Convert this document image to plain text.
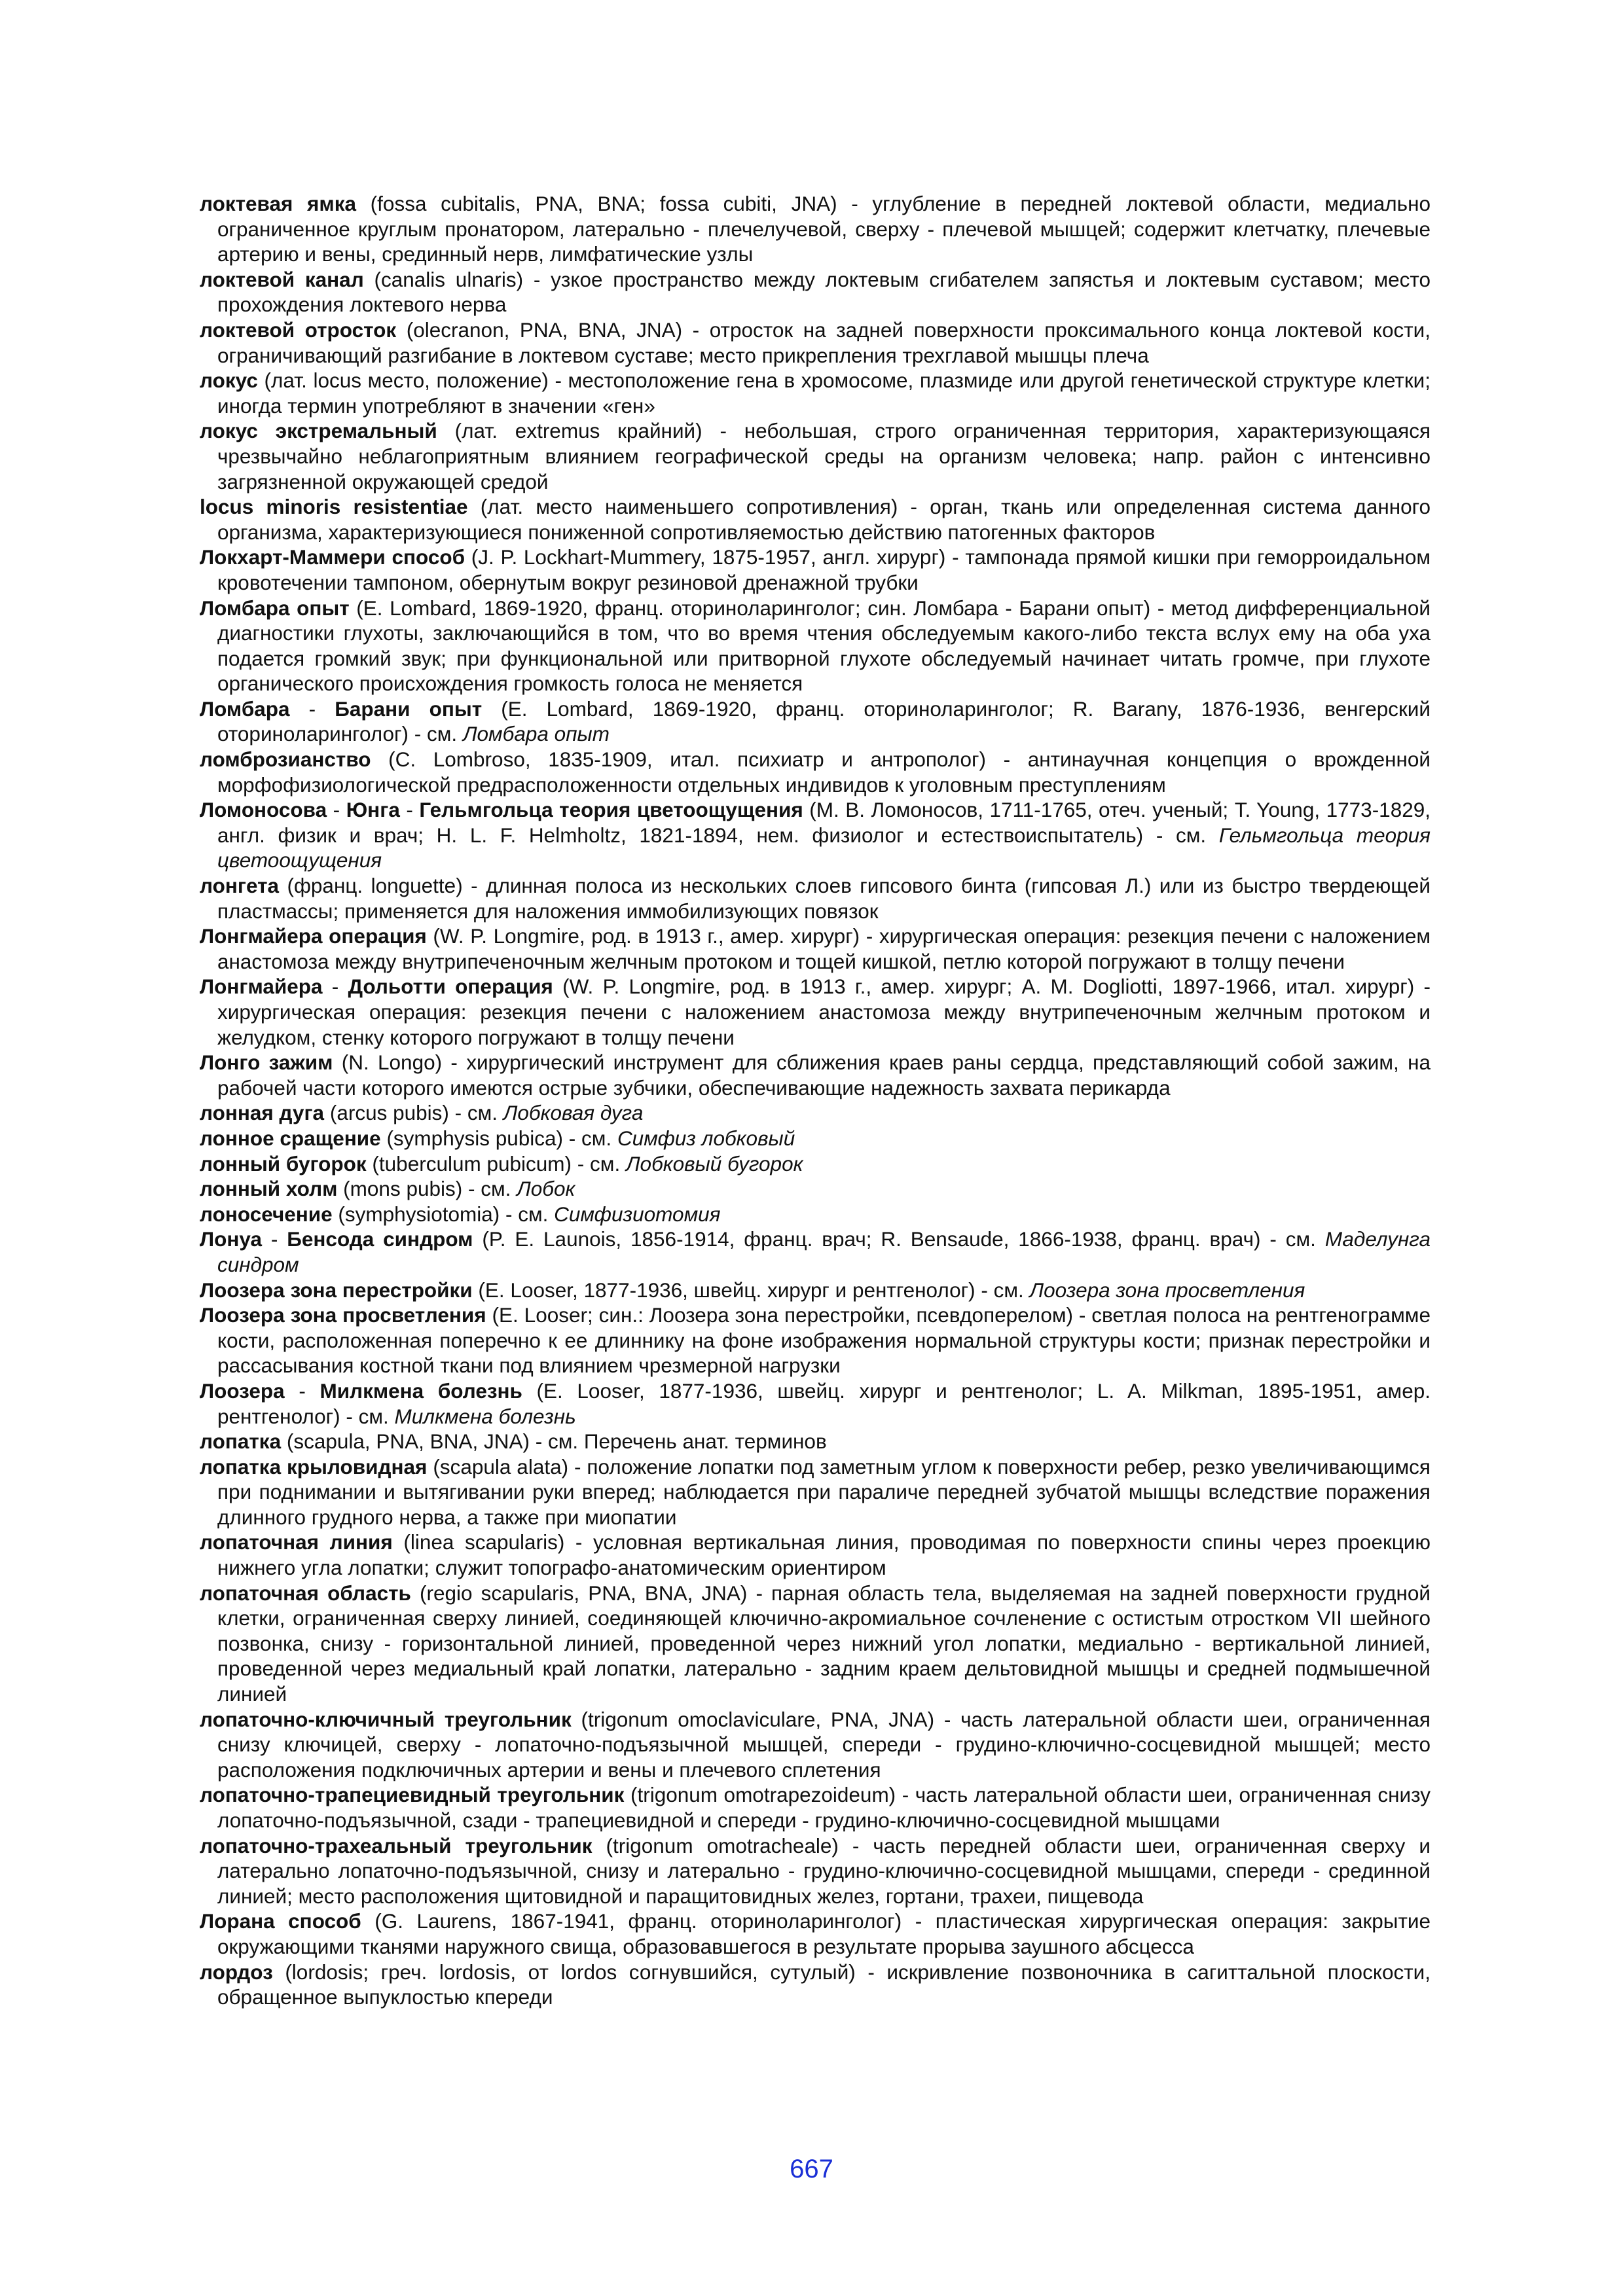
локтевая ямка (fossa cubitalis, PNA, BNA; fossa cubiti, JNA) - углубление в передней локтевой области, медиально ограниченное круглым пронатором, латерально - плечелучевой, сверху - плечевой мышцей; содержит клетчатку, плечевые артерию и вены, срединный нерв, лимфатические узлы

локтевой канал (canalis ulnaris) - узкое пространство между локтевым сгибателем запястья и локтевым суставом; место прохождения локтевого нерва

локтевой отросток (olecranon, PNA, BNA, JNA) - отросток на задней поверхности проксимального конца локтевой кости, ограничивающий разгибание в локтевом суставе; место прикрепления трехглавой мышцы плеча

локус (лат. locus место, положение) - местоположение гена в хромосоме, плазмиде или другой генетической структуре клетки; иногда термин употребляют в значении «ген»

локус экстремальный (лат. extremus крайний) - небольшая, строго ограниченная территория, характеризующаяся чрезвычайно неблагоприятным влиянием географической среды на организм человека; напр. район с интенсивно загрязненной окружающей средой

locus minoris resistentiae (лат. место наименьшего сопротивления) - орган, ткань или определенная система данного организма, характеризующиеся пониженной сопротивляемостью действию патогенных факторов

Локхарт-Маммери способ (J. P. Lockhart-Mummery, 1875-1957, англ. хирург) - тампонада прямой кишки при геморроидальном кровотечении тампоном, обернутым вокруг резиновой дренажной трубки

Ломбара опыт (E. Lombard, 1869-1920, франц. оториноларинголог; син. Ломбара - Барани опыт) - метод дифференциальной диагностики глухоты, заключающийся в том, что во время чтения обследуемым какого-либо текста вслух ему на оба уха подается громкий звук; при функциональной или притворной глухоте обследуемый начинает читать громче, при глухоте органического происхождения громкость голоса не меняется

Ломбара - Барани опыт (E. Lombard, 1869-1920, франц. оториноларинголог; R. Barany, 1876-1936, венгерский оториноларинголог) - см. Ломбара опыт

ломброзианство (C. Lombroso, 1835-1909, итал. психиатр и антрополог) - антинаучная концепция о врожденной морфофизиологической предрасположенности отдельных индивидов к уголовным преступлениям

Ломоносова - Юнга - Гельмгольца теория цветоощущения (М. В. Ломоносов, 1711-1765, отеч. ученый; T. Young, 1773-1829, англ. физик и врач; H. L. F. Helmholtz, 1821-1894, нем. физиолог и естествоиспытатель) - см. Гельмгольца теория цветоощущения

лонгета (франц. longuette) - длинная полоса из нескольких слоев гипсового бинта (гипсовая Л.) или из быстро твердеющей пластмассы; применяется для наложения иммобилизующих повязок

Лонгмайера операция (W. P. Longmire, род. в 1913 г., амер. хирург) - хирургическая операция: резекция печени с наложением анастомоза между внутрипеченочным желчным протоком и тощей кишкой, петлю которой погружают в толщу печени

Лонгмайера - Дольотти операция (W. P. Longmire, род. в 1913 г., амер. хирург; A. M. Dogliotti, 1897-1966, итал. хирург) - хирургическая операция: резекция печени с наложением анастомоза между внутрипеченочным желчным протоком и желудком, стенку которого погружают в толщу печени

Лонго зажим (N. Longo) - хирургический инструмент для сближения краев раны сердца, представляющий собой зажим, на рабочей части которого имеются острые зубчики, обеспечивающие надежность захвата перикарда

лонная дуга (arcus pubis) - см. Лобковая дуга

лонное сращение (symphysis pubica) - см. Симфиз лобковый

лонный бугорок (tuberculum pubicum) - см. Лобковый бугорок

лонный холм (mons pubis) - см. Лобок

лоносечение (symphysiotomia) - см. Симфизиотомия

Лонуа - Бенсода синдром (P. E. Launois, 1856-1914, франц. врач; R. Bensaude, 1866-1938, франц. врач) - см. Маделунга синдром

Лоозера зона перестройки (E. Looser, 1877-1936, швейц. хирург и рентгенолог) - см. Лоозера зона просветления

Лоозера зона просветления (E. Looser; син.: Лоозера зона перестройки, псевдоперелом) - светлая полоса на рентгенограмме кости, расположенная поперечно к ее длиннику на фоне изображения нормальной структуры кости; признак перестройки и рассасывания костной ткани под влиянием чрезмерной нагрузки

Лоозера - Милкмена болезнь (E. Looser, 1877-1936, швейц. хирург и рентгенолог; L. A. Milkman, 1895-1951, амер. рентгенолог) - см. Милкмена болезнь

лопатка (scapula, PNA, BNA, JNA) - см. Перечень анат. терминов

лопатка крыловидная (scapula alata) - положение лопатки под заметным углом к поверхности ребер, резко увеличивающимся при поднимании и вытягивании руки вперед; наблюдается при параличе передней зубчатой мышцы вследствие поражения длинного грудного нерва, а также при миопатии

лопаточная линия (linea scapularis) - условная вертикальная линия, проводимая по поверхности спины через проекцию нижнего угла лопатки; служит топографо-анатомическим ориентиром

лопаточная область (regio scapularis, PNA, BNA, JNA) - парная область тела, выделяемая на задней поверхности грудной клетки, ограниченная сверху линией, соединяющей ключично-акромиальное сочленение с остистым отростком VII шейного позвонка, снизу - горизонтальной линией, проведенной через нижний угол лопатки, медиально - вертикальной линией, проведенной через медиальный край лопатки, латерально - задним краем дельтовидной мышцы и средней подмышечной линией

лопаточно-ключичный треугольник (trigonum omoclaviculare, PNA, JNA) - часть латеральной области шеи, ограниченная снизу ключицей, сверху - лопаточно-подъязычной мышцей, спереди - грудино-ключично-сосцевидной мышцей; место расположения подключичных артерии и вены и плечевого сплетения

лопаточно-трапециевидный треугольник (trigonum omotrapezoideum) - часть латеральной области шеи, ограниченная снизу лопаточно-подъязычной, сзади - трапециевидной и спереди - грудино-ключично-сосцевидной мышцами

лопаточно-трахеальный треугольник (trigonum omotracheale) - часть передней области шеи, ограниченная сверху и латерально лопаточно-подъязычной, снизу и латерально - грудино-ключично-сосцевидной мышцами, спереди - срединной линией; место расположения щитовидной и паращитовидных желез, гортани, трахеи, пищевода

Лорана способ (G. Laurens, 1867-1941, франц. оториноларинголог) - пластическая хирургическая операция: закрытие окружающими тканями наружного свища, образовавшегося в результате прорыва заушного абсцесса

лордоз (lordosis; греч. lordosis, от lordos согнувшийся, сутулый) - искривление позвоночника в сагиттальной плоскости, обращенное выпуклостью кпереди

667
